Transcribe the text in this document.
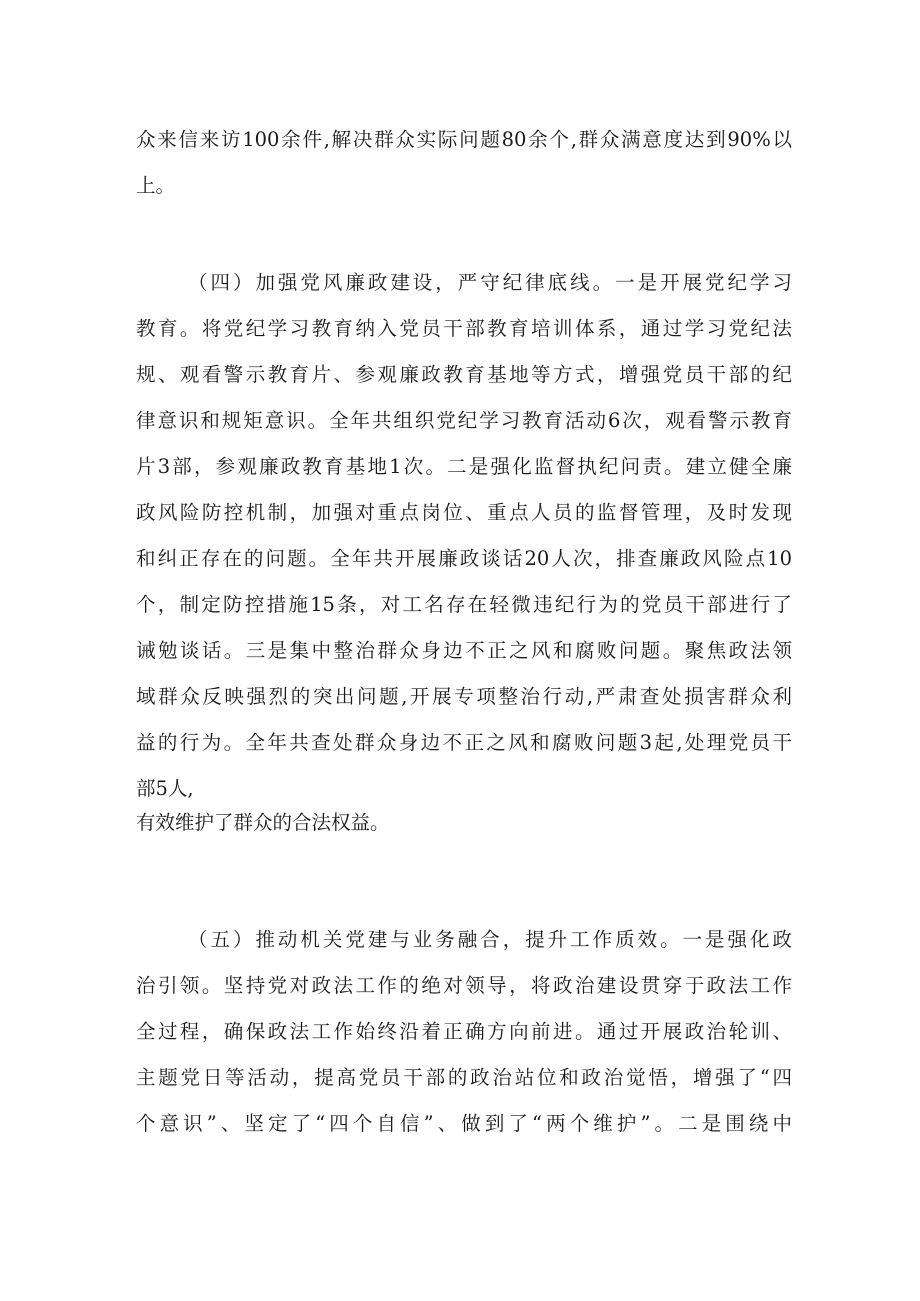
众来信来访100余件,解决群众实际问题80余个,群众满意度达到90%以
上。
（四）加强党风廉政建设，严守纪律底线。一是开展党纪学习
教育。将党纪学习教育纳入党员干部教育培训体系，通过学习党纪法
规、观看警示教育片、参观廉政教育基地等方式，增强党员干部的纪
律意识和规矩意识。全年共组织党纪学习教育活动6次，观看警示教育
片3部，参观廉政教育基地1次。二是强化监督执纪问责。建立健全廉
政风险防控机制，加强对重点岗位、重点人员的监督管理，及时发现
和纠正存在的问题。全年共开展廉政谈话20人次，排查廉政风险点10
个，制定防控措施15条，对工名存在轻微违纪行为的党员干部进行了
诫勉谈话。三是集中整治群众身边不正之风和腐败问题。聚焦政法领
域群众反映强烈的突出问题,开展专项整治行动,严肃查处损害群众利
益的行为。全年共查处群众身边不正之风和腐败问题3起,处理党员干
部5人,
有效维护了群众的合法权益。
（五）推动机关党建与业务融合，提升工作质效。一是强化政
治引领。坚持党对政法工作的绝对领导，将政治建设贯穿于政法工作
全过程，确保政法工作始终沿着正确方向前进。通过开展政治轮训、
主题党日等活动，提高党员干部的政治站位和政治觉悟，增强了“四
个意识”、坚定了“四个自信”、做到了“两个维护”。二是围绕中
